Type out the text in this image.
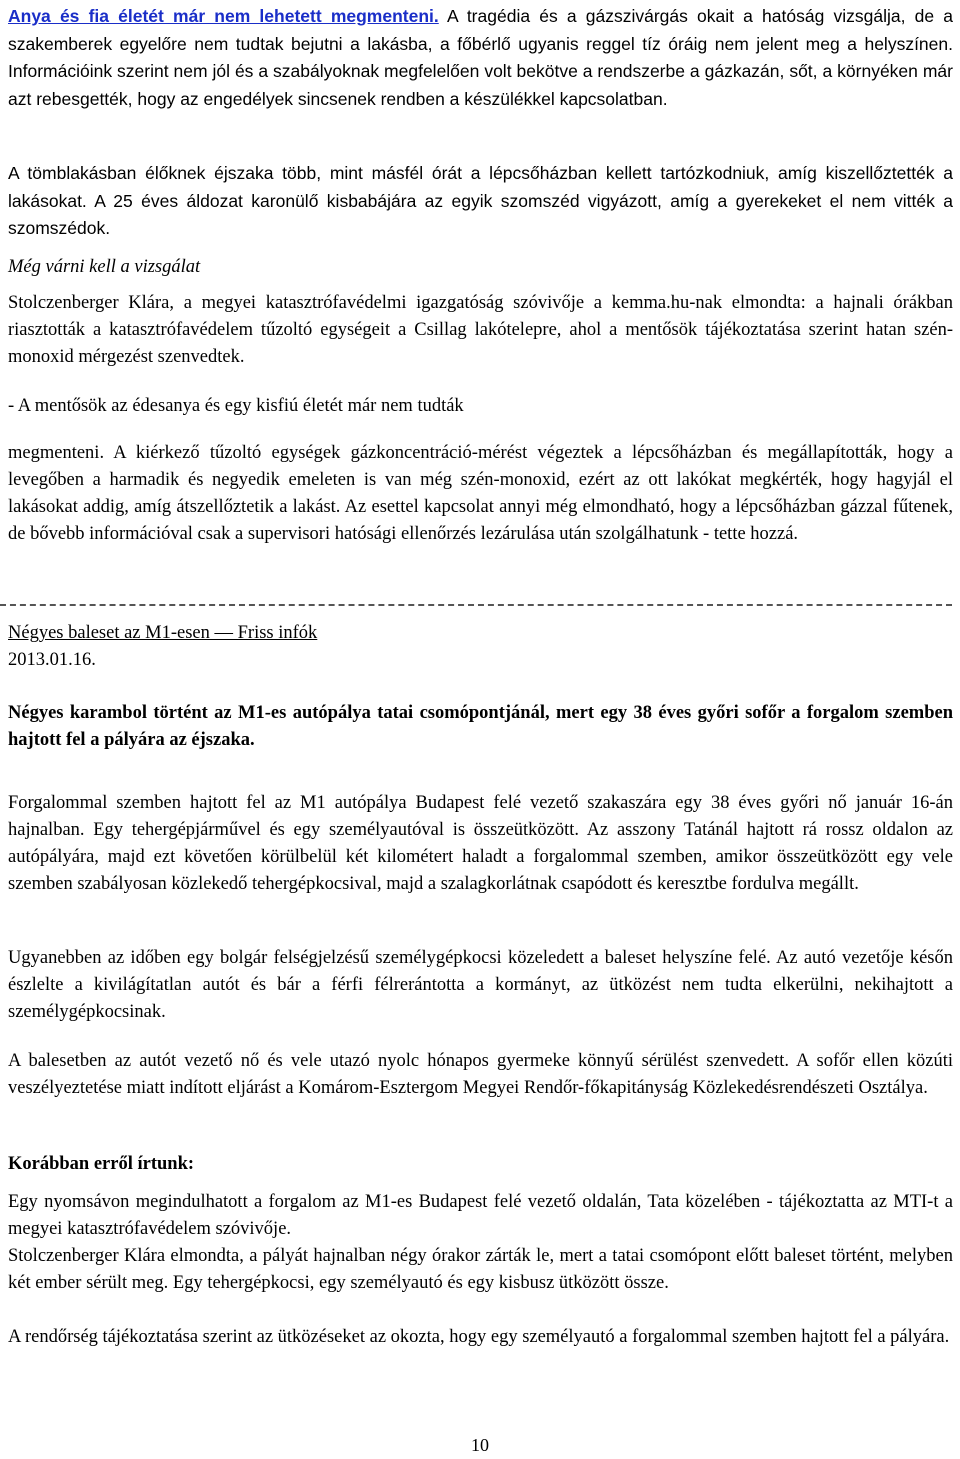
Anya és fia életét már nem lehetett megmenteni. A tragédia és a gázszivárgás okait a hatóság vizsgálja, de a szakemberek egyelőre nem tudtak bejutni a lakásba, a főbérlő ugyanis reggel tíz óráig nem jelent meg a helyszínen. Információink szerint nem jól és a szabályoknak megfelelően volt bekötve a rendszerbe a gázkazán, sőt, a környéken már azt rebesgették, hogy az engedélyek sincsenek rendben a készülékkel kapcsolatban.

A tömblakásban élőknek éjszaka több, mint másfél órát a lépcsőházban kellett tartózkodniuk, amíg kiszellőztették a lakásokat. A 25 éves áldozat karonülő kisbabájára az egyik szomszéd vigyázott, amíg a gyerekeket el nem vitték a szomszédok.

Még várni kell a vizsgálat

Stolczenberger Klára, a megyei katasztrófavédelmi igazgatóság szóvivője a kemma.hu-nak elmondta: a hajnali órákban riasztották a katasztrófavédelem tűzoltó egységeit a Csillag lakótelepre, ahol a mentősök tájékoztatása szerint hatan szén-monoxid mérgezést szenvedtek.

- A mentősök az édesanya és egy kisfiú életét már nem tudták

megmenteni. A kiérkező tűzoltó egységek gázkoncentráció-mérést végeztek a lépcsőházban és megállapították, hogy a levegőben a harmadik és negyedik emeleten is van még szén-monoxid, ezért az ott lakókat megkérték, hogy hagyjál el lakásokat addig, amíg átszellőztetik a lakást. Az esettel kapcsolat annyi még elmondható, hogy a lépcsőházban gázzal fűtenek, de bővebb információval csak a supervisori hatósági ellenőrzés lezárulása után szolgálhatunk - tette hozzá.

Négyes baleset az M1-esen — Friss infók

2013.01.16.

Négyes karambol történt az M1-es autópálya tatai csomópontjánál, mert egy 38 éves győri sofőr a forgalom szemben hajtott fel a pályára az éjszaka.

Forgalommal szemben hajtott fel az M1 autópálya Budapest felé vezető szakaszára egy 38 éves győri nő január 16-án hajnalban. Egy tehergépjárművel és egy személyautóval is összeütközött. Az asszony Tatánál hajtott rá rossz oldalon az autópályára, majd ezt követően körülbelül két kilométert haladt a forgalommal szemben, amikor összeütközött egy vele szemben szabályosan közlekedő tehergépkocsival, majd a szalagkorlátnak csapódott és keresztbe fordulva megállt.

Ugyanebben az időben egy bolgár felségjelzésű személygépkocsi közeledett a baleset helyszíne felé. Az autó vezetője későn észlelte a kivilágítatlan autót és bár a férfi félrerántotta a kormányt, az ütközést nem tudta elkerülni, nekihajtott a személygépkocsinak.

A balesetben az autót vezető nő és vele utazó nyolc hónapos gyermeke könnyű sérülést szenvedett. A sofőr ellen közúti veszélyeztetése miatt indított eljárást a Komárom-Esztergom Megyei Rendőr-főkapitányság Közlekedésrendészeti Osztálya.

Korábban erről írtunk:

Egy nyomsávon megindulhatott a forgalom az M1-es Budapest felé vezető oldalán, Tata közelében - tájékoztatta az MTI-t a megyei katasztrófavédelem szóvivője.

Stolczenberger Klára elmondta, a pályát hajnalban négy órakor zárták le, mert a tatai csomópont előtt baleset történt, melyben két ember sérült meg. Egy tehergépkocsi, egy személyautó és egy kisbusz ütközött össze.

A rendőrség tájékoztatása szerint az ütközéseket az okozta, hogy egy személyautó a forgalommal szemben hajtott fel a pályára.

10
